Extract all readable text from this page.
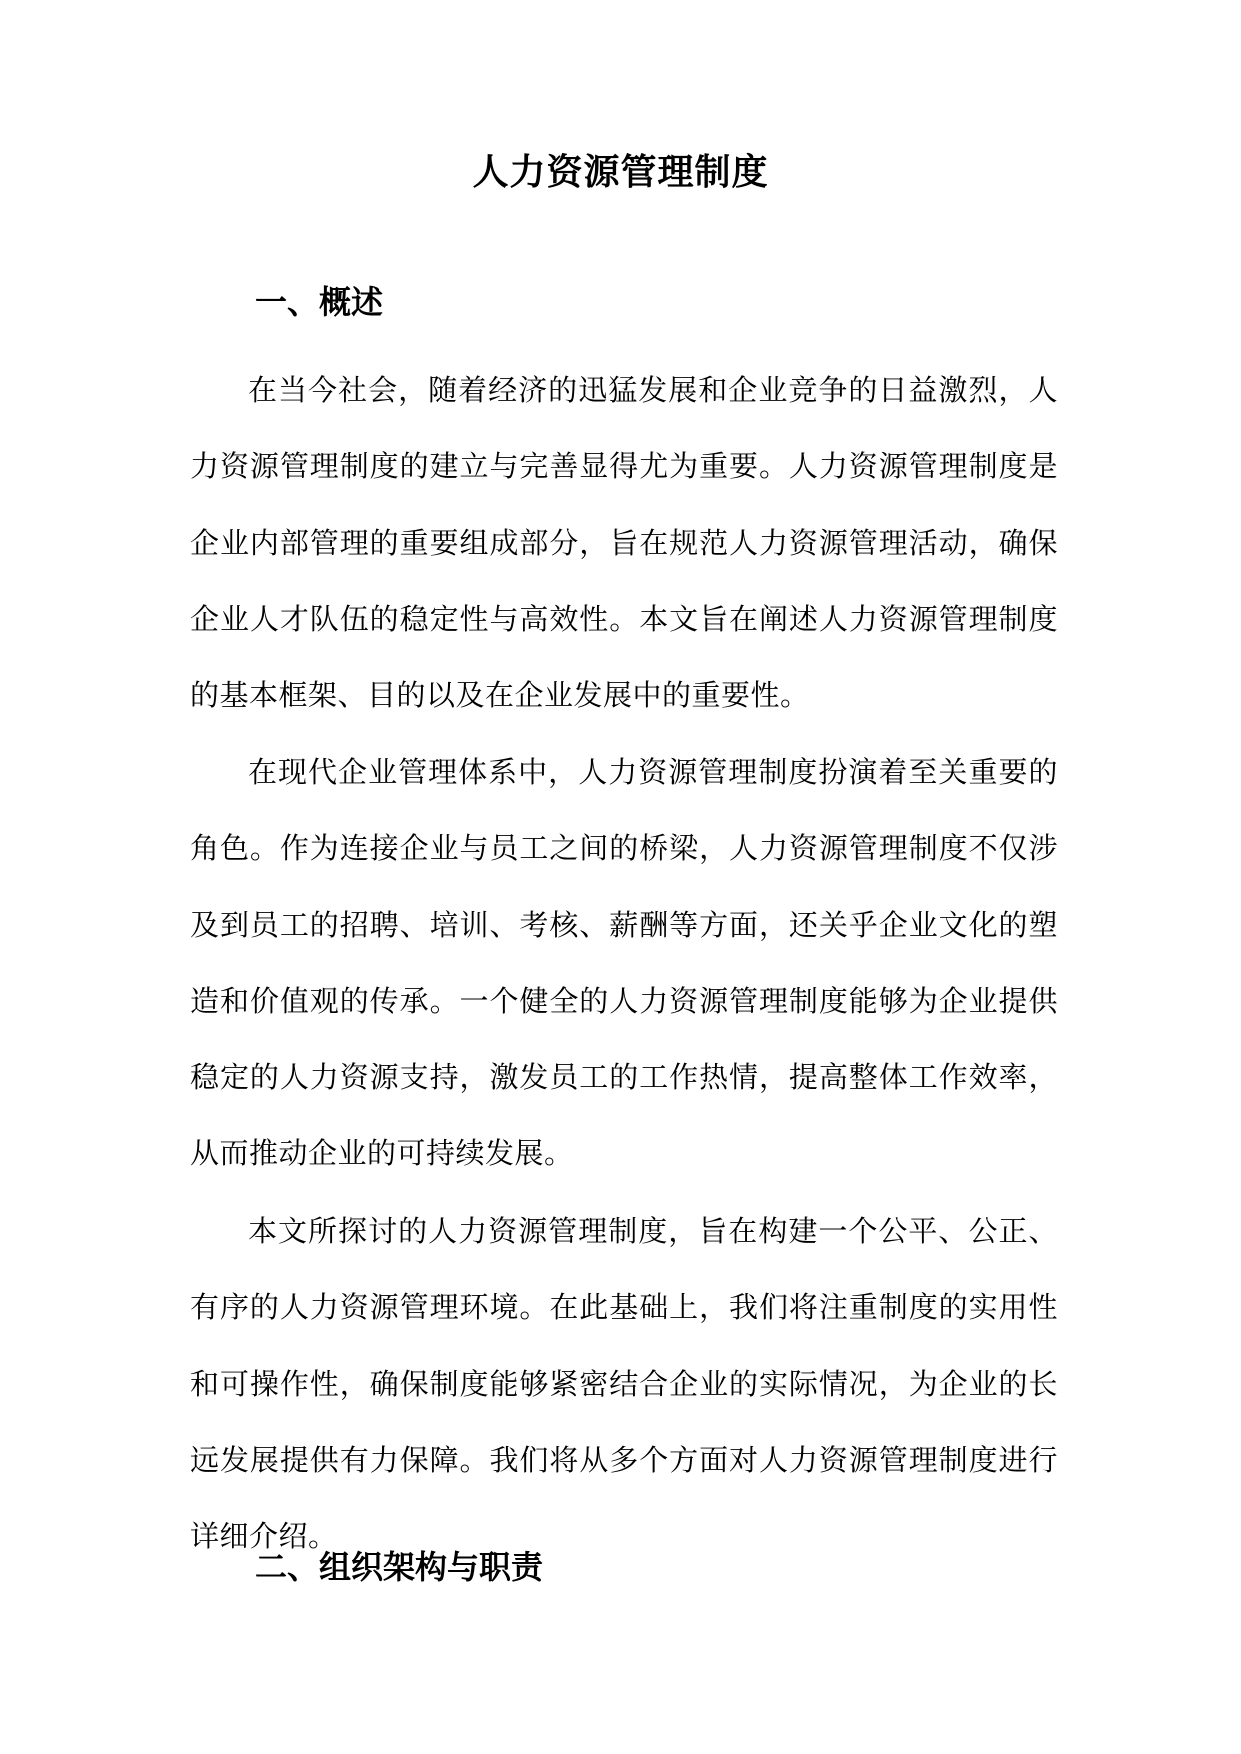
人力资源管理制度
一、概述

在当今社会，随着经济的迅猛发展和企业竞争的日益激烈，人力资源管理制度的建立与完善显得尤为重要。人力资源管理制度是企业内部管理的重要组成部分，旨在规范人力资源管理活动，确保企业人才队伍的稳定性与高效性。本文旨在阐述人力资源管理制度的基本框架、目的以及在企业发展中的重要性。

在现代企业管理体系中，人力资源管理制度扮演着至关重要的角色。作为连接企业与员工之间的桥梁，人力资源管理制度不仅涉及到员工的招聘、培训、考核、薪酬等方面，还关乎企业文化的塑造和价值观的传承。一个健全的人力资源管理制度能够为企业提供稳定的人力资源支持，激发员工的工作热情，提高整体工作效率，从而推动企业的可持续发展。

本文所探讨的人力资源管理制度，旨在构建一个公平、公正、有序的人力资源管理环境。在此基础上，我们将注重制度的实用性和可操作性，确保制度能够紧密结合企业的实际情况，为企业的长远发展提供有力保障。我们将从多个方面对人力资源管理制度进行详细介绍。

二、组织架构与职责
